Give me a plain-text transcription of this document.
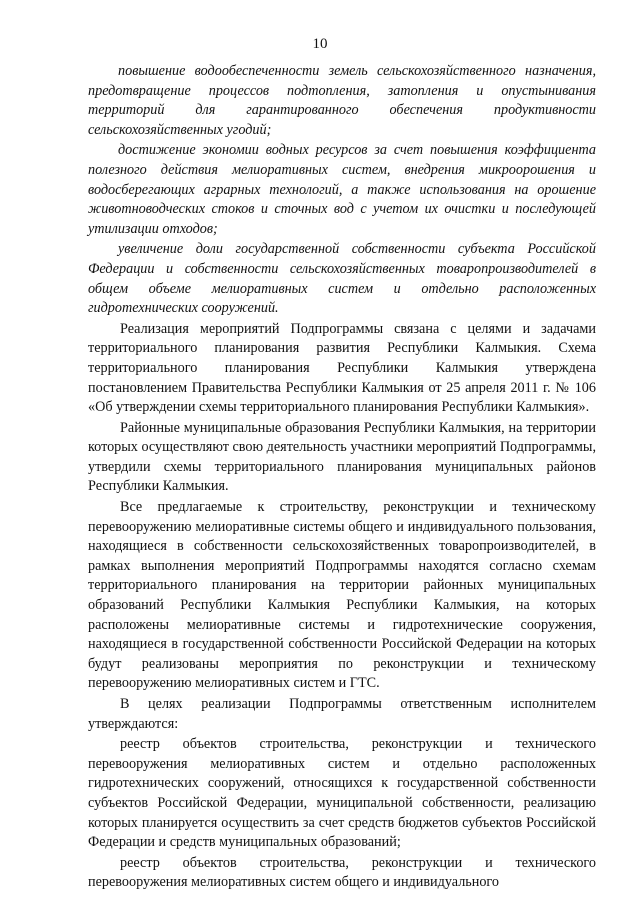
10

повышение водообеспеченности земель сельскохозяйственного назначения, предотвращение процессов подтопления, затопления и опустынивания территорий для гарантированного обеспечения продуктивности сельскохозяйственных угодий;

достижение экономии водных ресурсов за счет повышения коэффициента полезного действия мелиоративных систем, внедрения микроорошения и водосберегающих аграрных технологий, а также использования на орошение животноводческих стоков и сточных вод с учетом их очистки и последующей утилизации отходов;

увеличение доли государственной собственности субъекта Российской Федерации и собственности сельскохозяйственных товаропроизводителей в общем объеме мелиоративных систем и отдельно расположенных гидротехнических сооружений.

Реализация мероприятий Подпрограммы связана с целями и задачами территориального планирования развития Республики Калмыкия. Схема территориального планирования Республики Калмыкия утверждена постановлением Правительства Республики Калмыкия от 25 апреля 2011 г. № 106 «Об утверждении схемы территориального планирования Республики Калмыкия».

Районные муниципальные образования Республики Калмыкия, на территории которых осуществляют свою деятельность участники мероприятий Подпрограммы, утвердили схемы территориального планирования муниципальных районов Республики Калмыкия.

Все предлагаемые к строительству, реконструкции и техническому перевооружению мелиоративные системы общего и индивидуального пользования, находящиеся в собственности сельскохозяйственных товаропроизводителей, в рамках выполнения мероприятий Подпрограммы находятся согласно схемам территориального планирования на территории районных муниципальных образований Республики Калмыкия Республики Калмыкия, на которых расположены мелиоративные системы и гидротехнические сооружения, находящиеся в государственной собственности Российской Федерации на которых будут реализованы мероприятия по реконструкции и техническому перевооружению мелиоративных систем и ГТС.

В целях реализации Подпрограммы ответственным исполнителем утверждаются:

реестр объектов строительства, реконструкции и технического перевооружения мелиоративных систем и отдельно расположенных гидротехнических сооружений, относящихся к государственной собственности субъектов Российской Федерации, муниципальной собственности, реализацию которых планируется осуществить за счет средств бюджетов субъектов Российской Федерации и средств муниципальных образований;

реестр объектов строительства, реконструкции и технического перевооружения мелиоративных систем общего и индивидуального
